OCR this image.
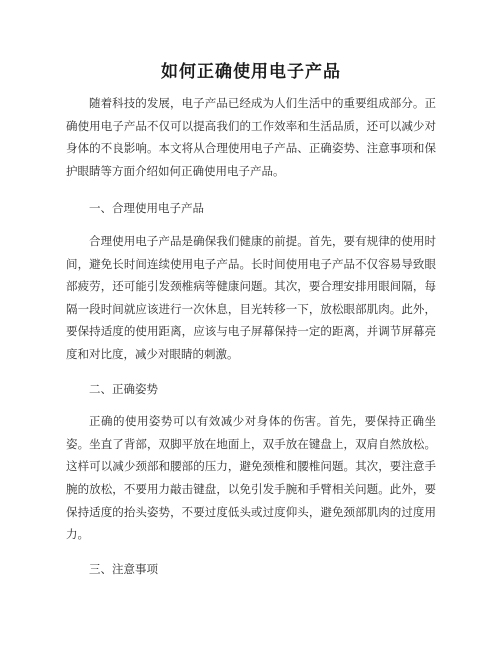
如何正确使用电子产品

随着科技的发展，电子产品已经成为人们生活中的重要组成部分。正确使用电子产品不仅可以提高我们的工作效率和生活品质，还可以减少对身体的不良影响。本文将从合理使用电子产品、正确姿势、注意事项和保护眼睛等方面介绍如何正确使用电子产品。

一、合理使用电子产品

合理使用电子产品是确保我们健康的前提。首先，要有规律的使用时间，避免长时间连续使用电子产品。长时间使用电子产品不仅容易导致眼部疲劳，还可能引发颈椎病等健康问题。其次，要合理安排用眼间隔，每隔一段时间就应该进行一次休息，目光转移一下，放松眼部肌肉。此外，要保持适度的使用距离，应该与电子屏幕保持一定的距离，并调节屏幕亮度和对比度，减少对眼睛的刺激。

二、正确姿势

正确的使用姿势可以有效减少对身体的伤害。首先，要保持正确坐姿。坐直了背部，双脚平放在地面上，双手放在键盘上，双肩自然放松。这样可以减少颈部和腰部的压力，避免颈椎和腰椎问题。其次，要注意手腕的放松，不要用力敲击键盘，以免引发手腕和手臂相关问题。此外，要保持适度的抬头姿势，不要过度低头或过度仰头，避免颈部肌肉的过度用力。

三、注意事项
